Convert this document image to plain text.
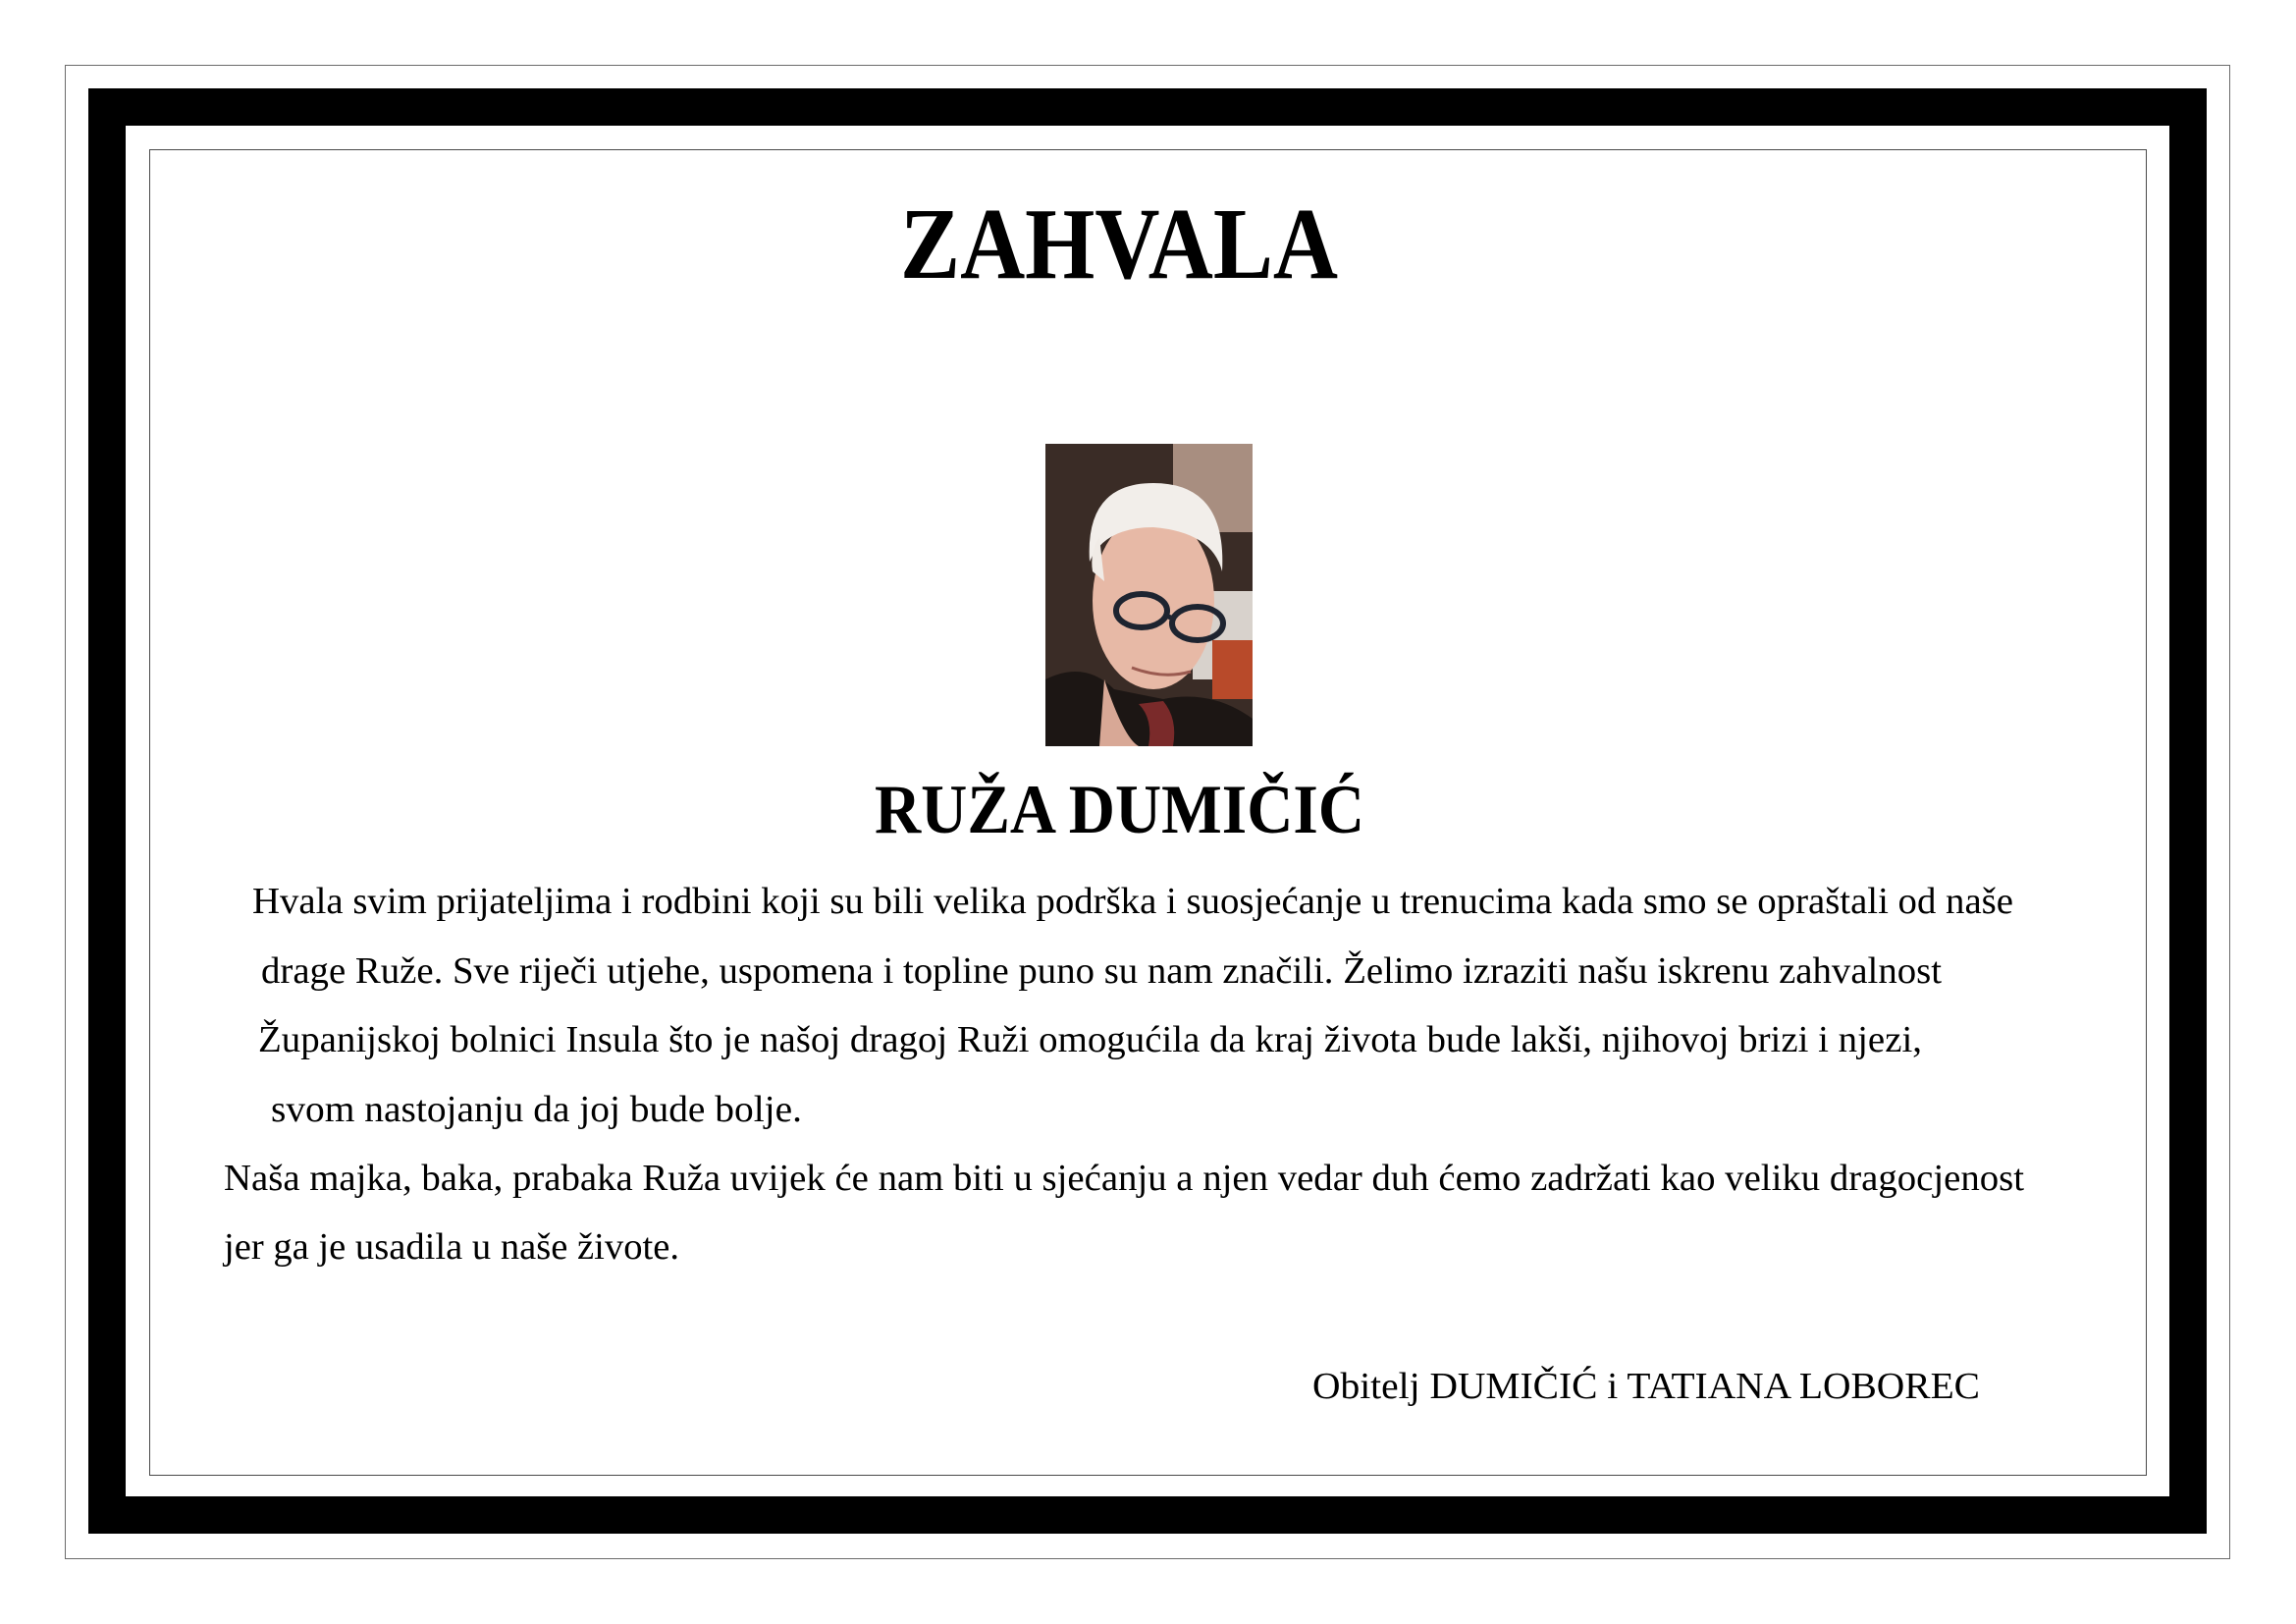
ZAHVALA
RUŽA DUMIČIĆ
Hvala svim prijateljima i rodbini koji su bili velika podrška i suosjećanje u trenucima kada smo se opraštali od naše
drage Ruže. Sve riječi utjehe, uspomena i topline puno su nam značili. Želimo izraziti našu iskrenu zahvalnost
Županijskoj bolnici Insula što je našoj dragoj Ruži omogućila da kraj života bude lakši, njihovoj brizi i njezi,
svom nastojanju da joj bude bolje.
Naša majka, baka, prabaka Ruža uvijek će nam biti u sjećanju a njen vedar duh ćemo zadržati kao veliku dragocjenost
jer ga je usadila u naše živote.
Obitelj DUMIČIĆ i TATIANA LOBOREC
